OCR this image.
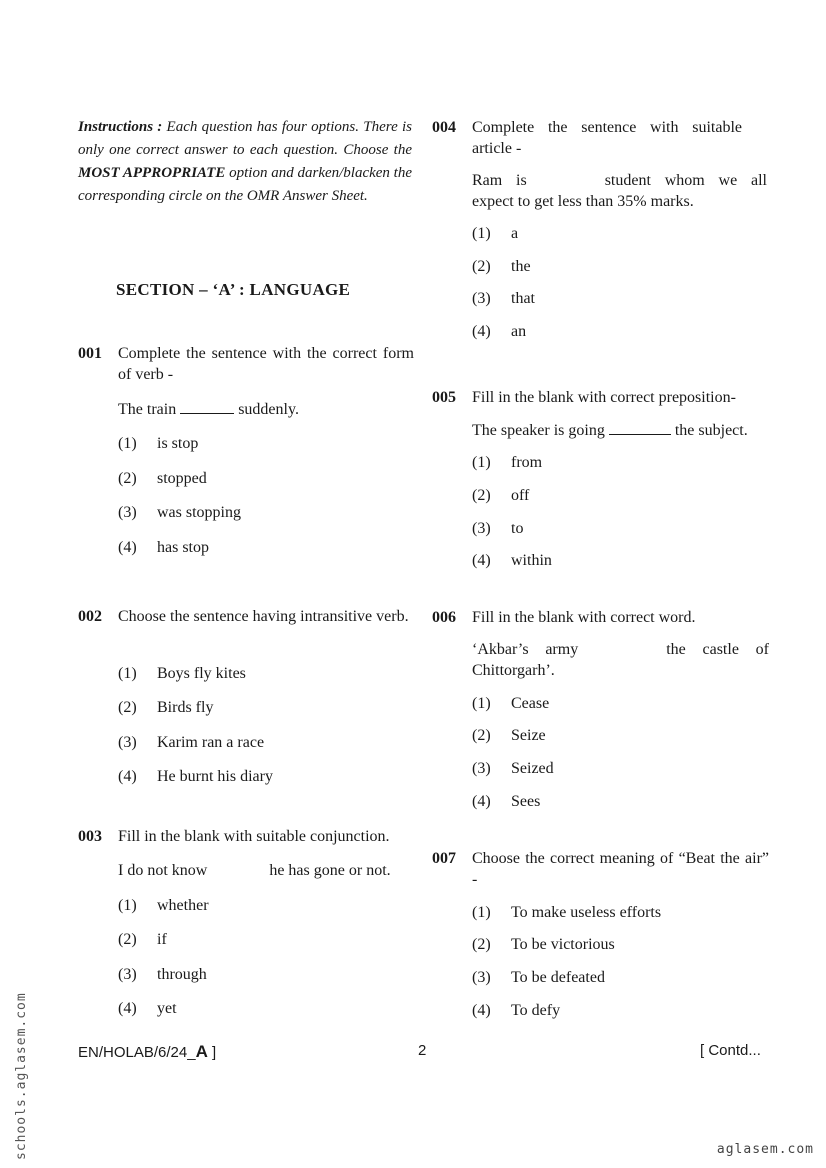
Instructions : Each question has four options. There is only one correct answer to each question. Choose the MOST APPROPRIATE option and darken/blacken the corresponding circle on the OMR Answer Sheet.
SECTION – ‘A’ : LANGUAGE
001 Complete the sentence with the correct form of verb -
The train	suddenly.
(1) is stop
(2) stopped
(3) was stopping
(4) has stop
002 Choose the sentence having intransitive verb.
(1) Boys fly kites
(2) Birds fly
(3) Karim ran a race
(4) He burnt his diary
003 Fill in the blank with suitable conjunction.
I do not know	he has gone or not.
(1) whether
(2) if
(3) through
(4) yet
004 Complete the sentence with suitable article -
Ram is	student whom we all expect to get less than 35% marks.
(1) a
(2) the
(3) that
(4) an
005 Fill in the blank with correct preposition-
The speaker is going	the subject.
(1) from
(2) off
(3) to
(4) within
006 Fill in the blank with correct word.
‘Akbar’s army	the castle of Chittorgarh’.
(1) Cease
(2) Seize
(3) Seized
(4) Sees
007 Choose the correct meaning of “Beat the air” -
(1) To make useless efforts
(2) To be victorious
(3) To be defeated
(4) To defy
EN/HOLAB/6/24_A ]	2	[ Contd...
schools.aglasem.com	aglasem.com
